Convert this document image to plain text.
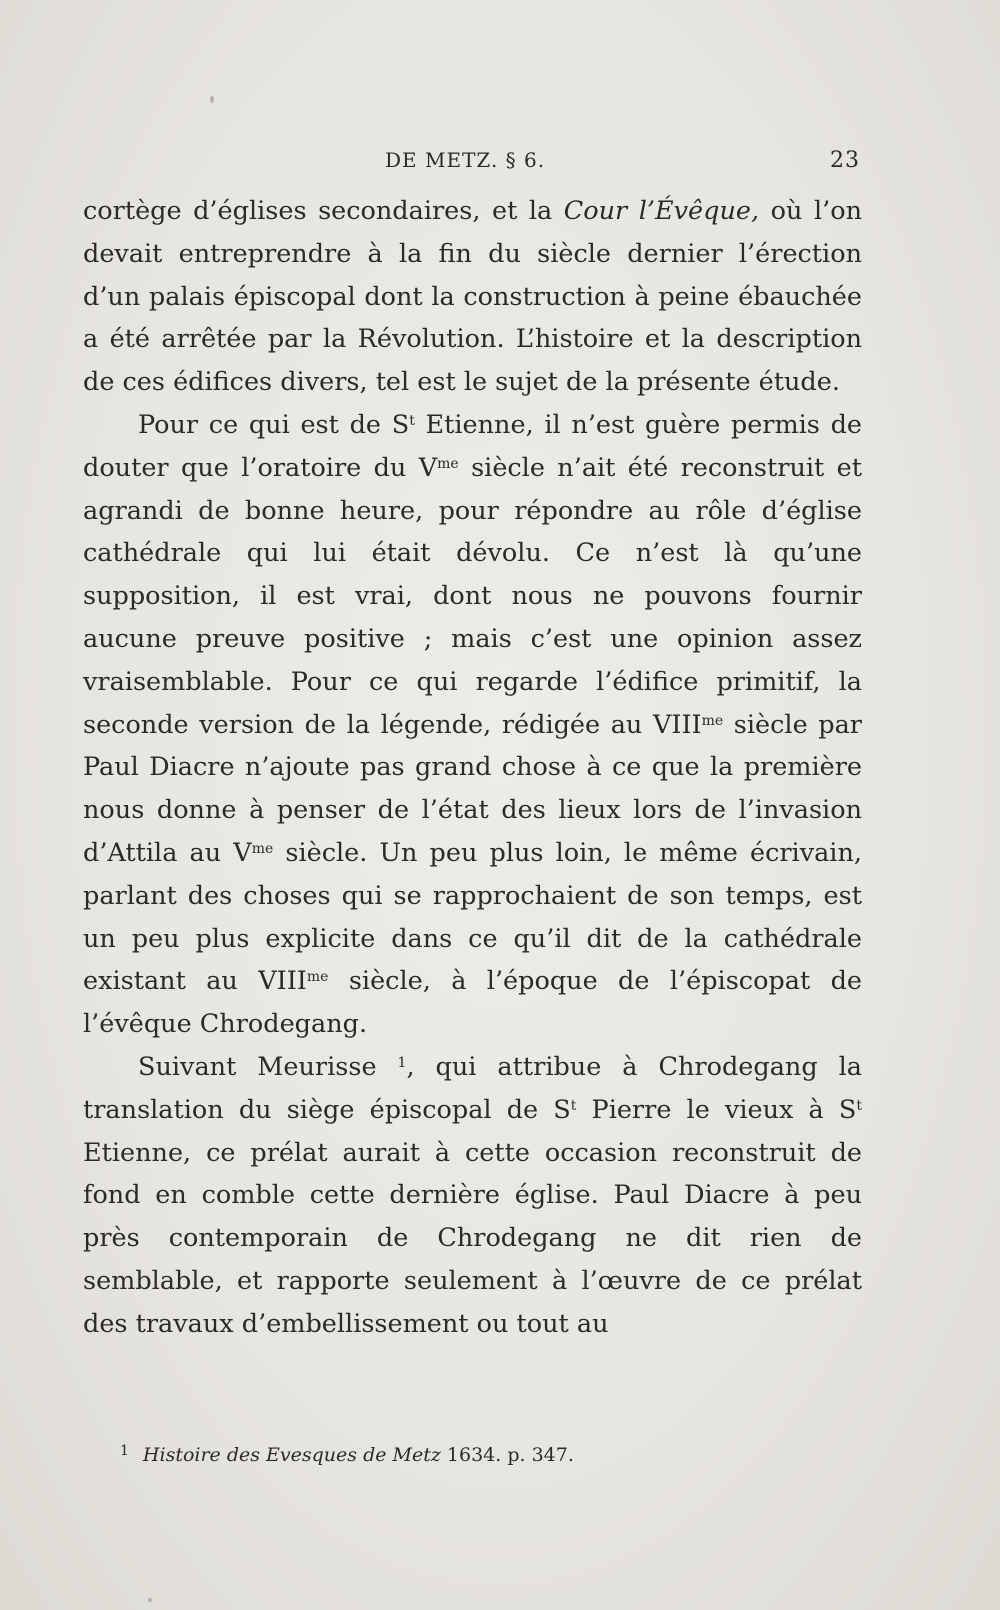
DE METZ. § 6.	23

cortège d’églises secondaires, et la Cour l’Évêque, où l’on devait entreprendre à la fin du siècle dernier l’érection d’un palais épiscopal dont la construction à peine ébauchée a été arrêtée par la Révolution. L’histoire et la description de ces édifices divers, tel est le sujet de la présente étude.

Pour ce qui est de $S^t$ Etienne, il n’est guère permis de douter que l’oratoire du $V^{me}$ siècle n’ait été reconstruit et agrandi de bonne heure, pour répondre au rôle d’église cathédrale qui lui était dévolu. Ce n’est là qu’une supposition, il est vrai, dont nous ne pouvons fournir aucune preuve positive ; mais c’est une opinion assez vraisemblable. Pour ce qui regarde l’édifice primitif, la seconde version de la légende, rédigée au $VIII^{me}$ siècle par Paul Diacre n’ajoute pas grand chose à ce que la première nous donne à penser de l’état des lieux lors de l’invasion d’Attila au $V^{me}$ siècle. Un peu plus loin, le même écrivain, parlant des choses qui se rapprochaient de son temps, est un peu plus explicite dans ce qu’il dit de la cathédrale existant au $VIII^{me}$ siècle, à l’époque de l’épiscopat de l’évêque Chrodegang.

Suivant Meurisse $^1$, qui attribue à Chrodegang la translation du siège épiscopal de $S^t$ Pierre le vieux à $S^t$ Etienne, ce prélat aurait à cette occasion reconstruit de fond en comble cette dernière église. Paul Diacre à peu près contemporain de Chrodegang ne dit rien de semblable, et rapporte seulement à l’œuvre de ce prélat des travaux d’embellissement ou tout au

$^1$ Histoire des Evesques de Metz 1634. p. 347.
